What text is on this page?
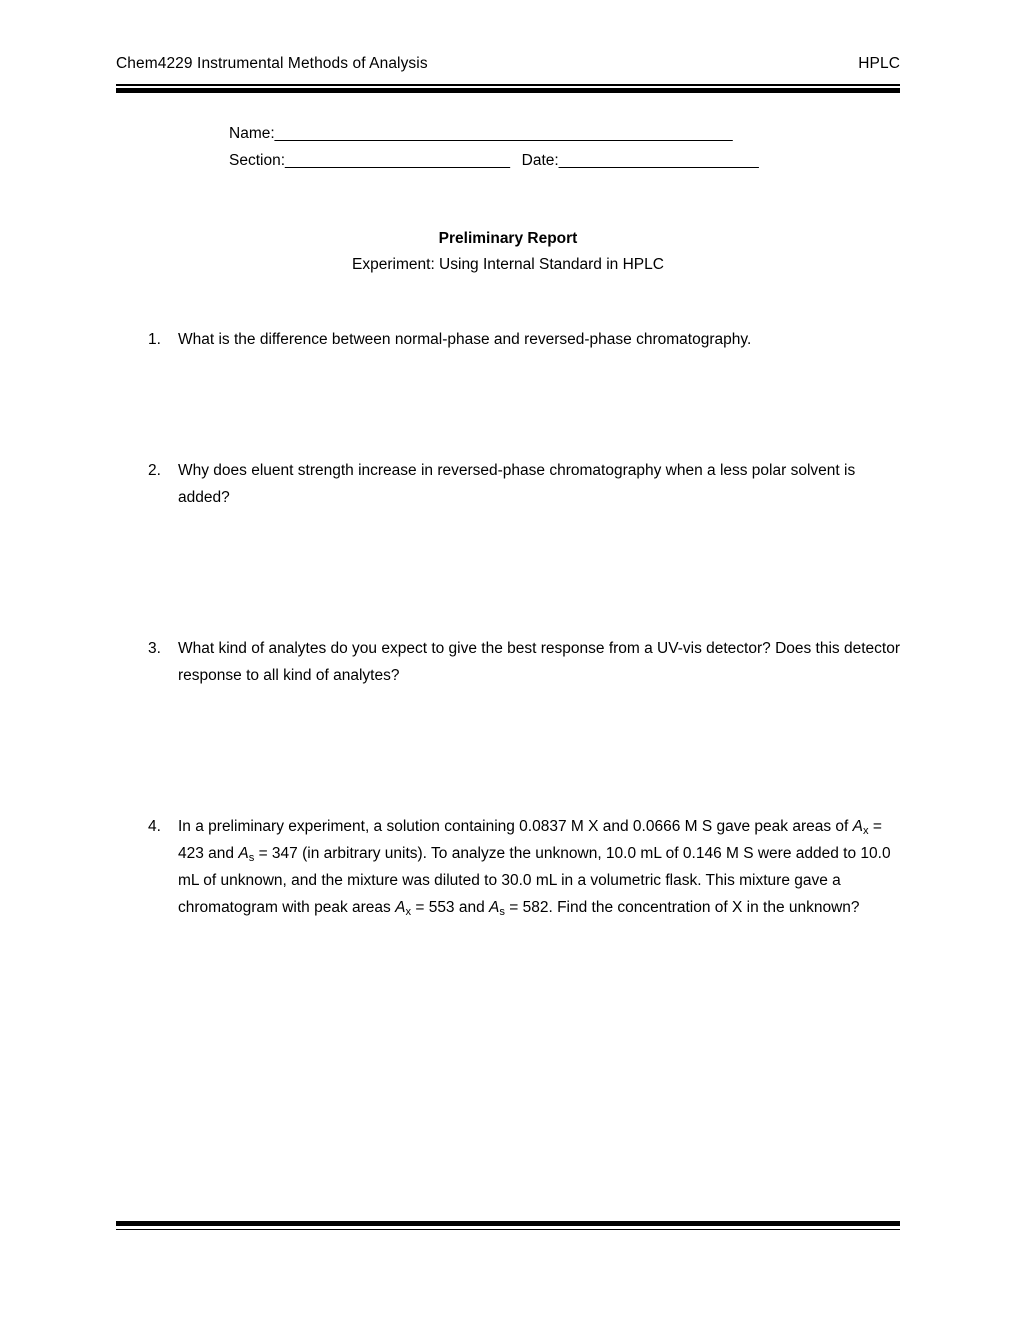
Chem4229 Instrumental Methods of Analysis	HPLC
Name:_______________________________________________________
Section:___________________________ Date:________________________
Preliminary Report
Experiment: Using Internal Standard in HPLC
1.	What is the difference between normal-phase and reversed-phase chromatography.
2.	Why does eluent strength increase in reversed-phase chromatography when a less polar solvent is added?
3.	What kind of analytes do you expect to give the best response from a UV-vis detector? Does this detector response to all kind of analytes?
4.	In a preliminary experiment, a solution containing 0.0837 M X and 0.0666 M S gave peak areas of $A_x = 423$ and $A_s = 347$ (in arbitrary units). To analyze the unknown, 10.0 mL of 0.146 M S were added to 10.0 mL of unknown, and the mixture was diluted to 30.0 mL in a volumetric flask. This mixture gave a chromatogram with peak areas $A_x = 553$ and $A_s = 582$. Find the concentration of X in the unknown?
